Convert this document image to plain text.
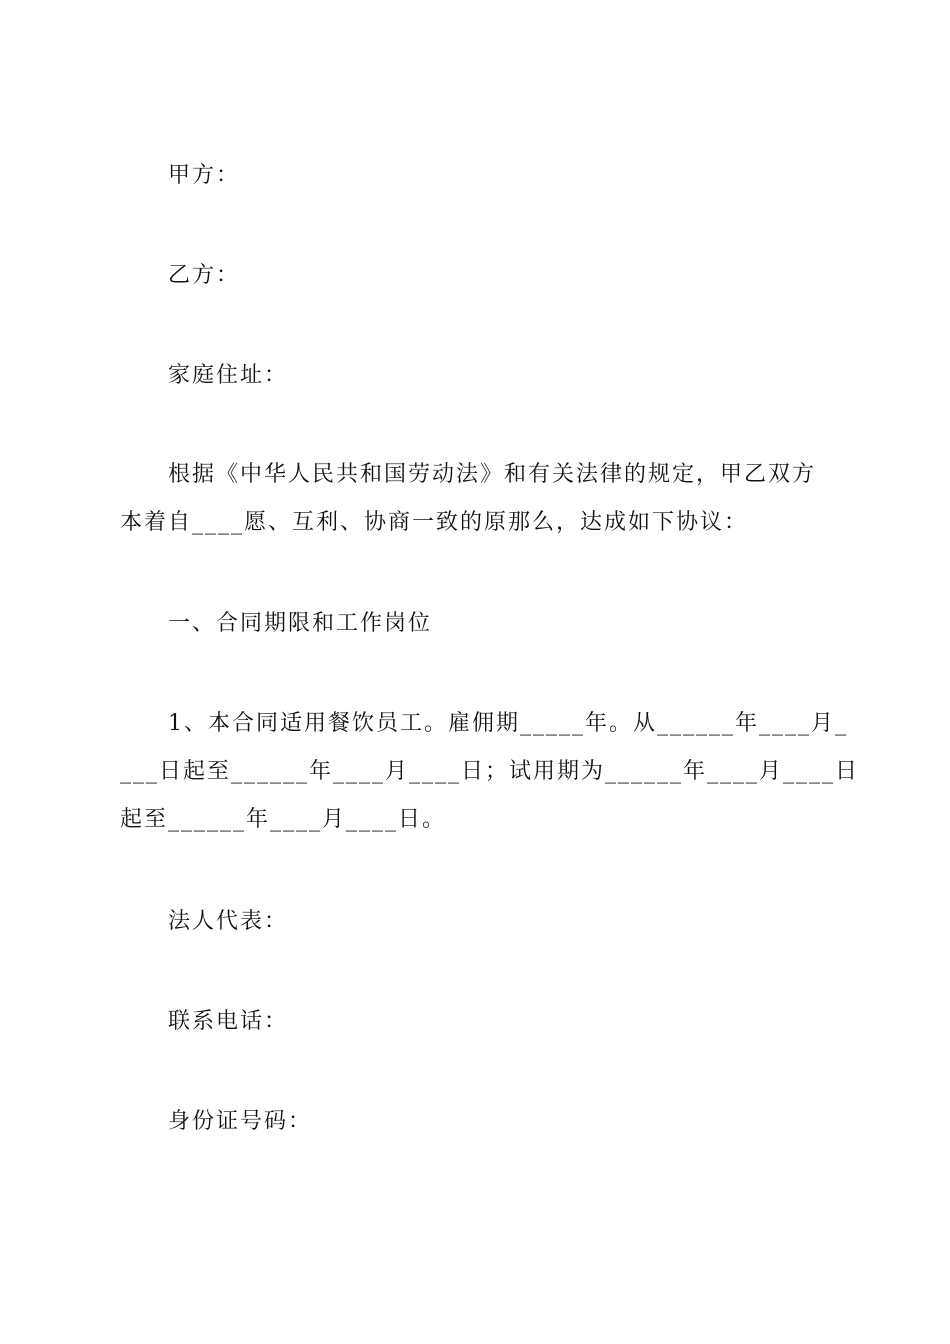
甲方：
乙方：
家庭住址：
根据《中华人民共和国劳动法》和有关法律的规定，甲乙双方
本着自____愿、互利、协商一致的原那么，达成如下协议：
一、合同期限和工作岗位
1、本合同适用餐饮员工。雇佣期_____年。从______年____月_
___日起至______年____月____日；试用期为______年____月____日
起至______年____月____日。
法人代表：
联系电话：
身份证号码：
